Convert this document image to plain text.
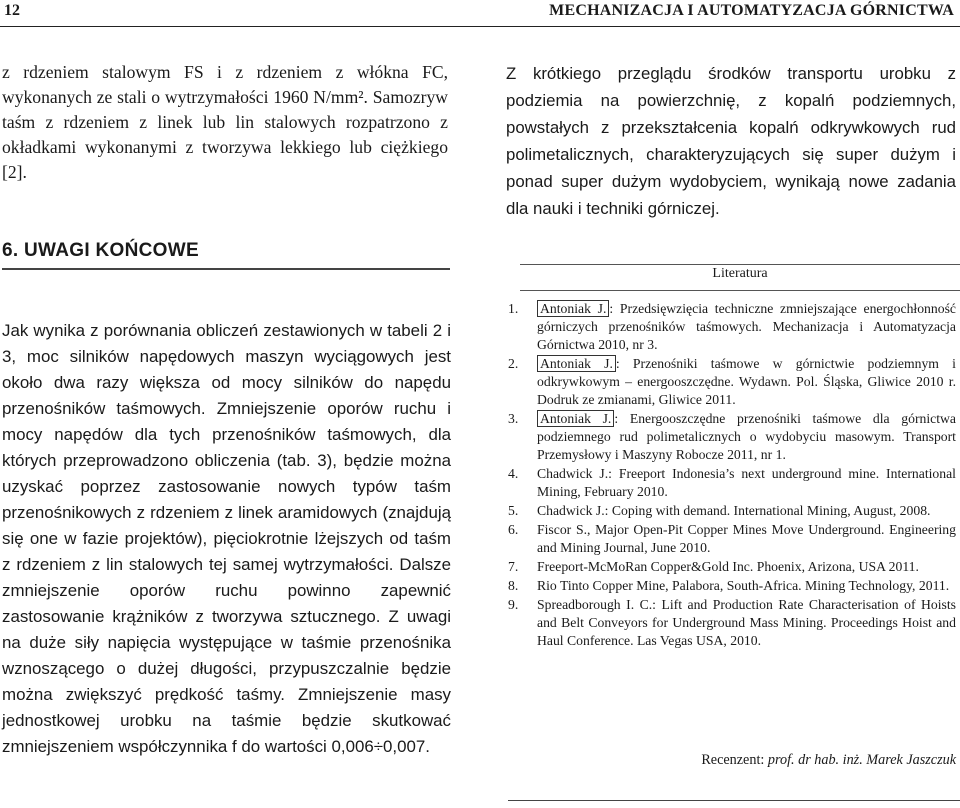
12	MECHANIZACJA I AUTOMATYZACJA GÓRNICTWA

z rdzeniem stalowym FS i z rdzeniem z włókna FC, wykonanych ze stali o wytrzymałości 1960 N/mm². Samozryw taśm z rdzeniem z linek lub lin stalowych rozpatrzono z okładkami wykonanymi z tworzywa lekkiego lub ciężkiego [2].

Z krótkiego przeglądu środków transportu urobku z podziemia na powierzchnię, z kopalń podziemnych, powstałych z przekształcenia kopalń odkrywkowych rud polimetalicznych, charakteryzujących się super dużym i ponad super dużym wydobyciem, wynikają nowe zadania dla nauki i techniki górniczej.

6. UWAGI KOŃCOWE

Jak wynika z porównania obliczeń zestawionych w tabeli 2 i 3, moc silników napędowych maszyn wyciągowych jest około dwa razy większa od mocy silników do napędu przenośników taśmowych. Zmniejszenie oporów ruchu i mocy napędów dla tych przenośników taśmowych, dla których przeprowadzono obliczenia (tab. 3), będzie można uzyskać poprzez zastosowanie nowych typów taśm przenośnikowych z rdzeniem z linek aramidowych (znajdują się one w fazie projektów), pięciokrotnie lżejszych od taśm z rdzeniem z lin stalowych tej samej wytrzymałości. Dalsze zmniejszenie oporów ruchu powinno zapewnić zastosowanie krążników z tworzywa sztucznego. Z uwagi na duże siły napięcia występujące w taśmie przenośnika wznoszącego o dużej długości, przypuszczalnie będzie można zwiększyć prędkość taśmy. Zmniejszenie masy jednostkowej urobku na taśmie będzie skutkować zmniejszeniem współczynnika f do wartości 0,006÷0,007.

Literatura
1. Antoniak J. : Przedsięwzięcia techniczne zmniejszające energochłonność górniczych przenośników taśmowych. Mechanizacja i Automatyzacja Górnictwa 2010, nr 3.
2. Antoniak J. : Przenośniki taśmowe w górnictwie podziemnym i odkrywkowym – energooszczędne. Wydawn. Pol. Śląska, Gliwice 2010 r. Dodruk ze zmianami, Gliwice 2011.
3. Antoniak J. : Energooszczędne przenośniki taśmowe dla górnictwa podziemnego rud polimetalicznych o wydobyciu masowym. Transport Przemysłowy i Maszyny Robocze 2011, nr 1.
4. Chadwick J.: Freeport Indonesia’s next underground mine. International Mining, February 2010.
5. Chadwick J.: Coping with demand. International Mining, August, 2008.
6. Fiscor S., Major Open-Pit Copper Mines Move Underground. Engineering and Mining Journal, June 2010.
7. Freeport-McMoRan Copper&Gold Inc. Phoenix, Arizona, USA 2011.
8. Rio Tinto Copper Mine, Palabora, South-Africa. Mining Technology, 2011.
9. Spreadborough I. C.: Lift and Production Rate Characterisation of Hoists and Belt Conveyors for Underground Mass Mining. Proceedings Hoist and Haul Conference. Las Vegas USA, 2010.
Recenzent: prof. dr hab. inż. Marek Jaszczuk
